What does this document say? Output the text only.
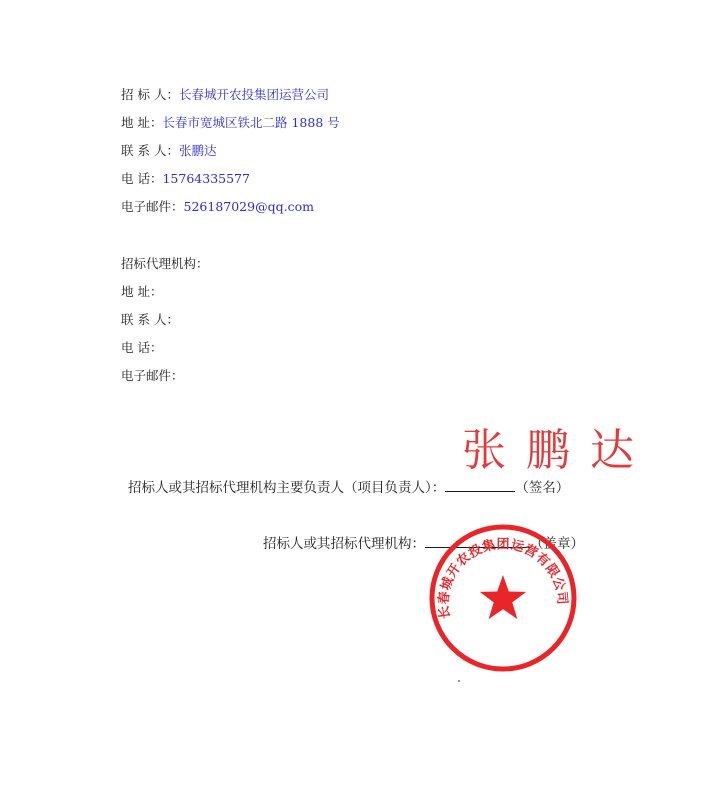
招 标 人：长春城开农投集团运营公司
地 址：长春市宽城区铁北二路 1888 号
联 系 人：张鹏达
电 话：15764335577
电子邮件：526187029@qq.com
招标代理机构：
地 址：
联 系 人：
电 话：
电子邮件：
张鹏达
招标人或其招标代理机构主要负责人（项目负责人）：	（签名）
招标人或其招标代理机构：	（盖章）
长春城开农投集团运营有限公司
